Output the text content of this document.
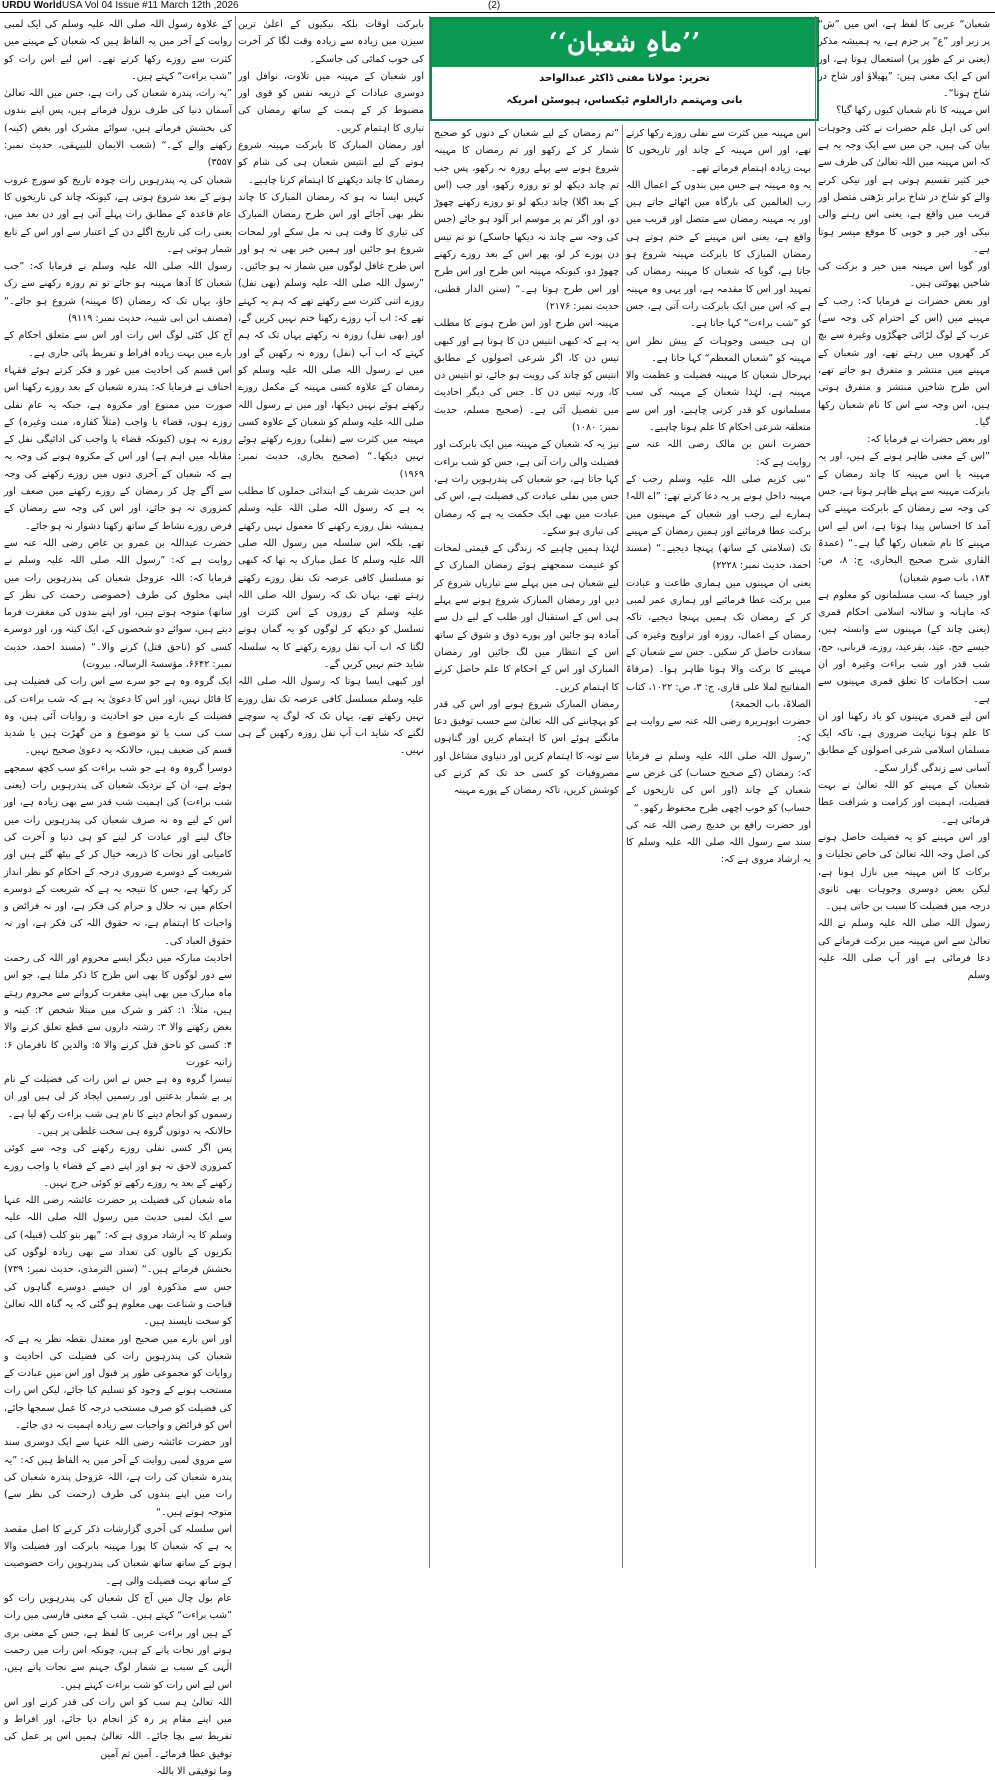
URDU World USA Vol 04 Issue #11 March 12th ,2026	(2)
’’ماہِ شعبان‘‘
تحریر: مولانا مفتی ڈاکٹر عبدالواحد
بانی ومہتمم دارالعلوم ٹیکساس، ہیوسٹن امریکہ

شعبان“ عربی کا لفظ ہے، اس میں ”ش“ پر زبر اور ”ع“ پر جزم ہے، یہ ہمیشہ مذکر (یعنی نر کے طور پر) استعمال ہوتا ہے، اور اس کے ایک معنی ہیں: ”پھیلاؤ اور شاخ در شاخ ہونا“۔

اس مہینہ کا نام شعبان کیوں رکھا گیا؟

اس کی اہل علم حضرات نے کئی وجوہات بیان کی ہیں، جن میں سے ایک وجہ یہ ہے کہ اس مہینہ میں اللہ تعالیٰ کی طرف سے خیر کثیر تقسیم ہوتی ہے اور نیکی کرنے والے کو شاخ در شاخ برابر بڑھتی متصل اور قریب میں واقع ہے، یعنی اس رہنے والی نیکی اور خیر و خوبی کا موقع میسر ہوتا ہے۔

اور گویا اس مہینہ میں خیر و برکت کی شاخیں پھوٹتی ہیں۔

اور بعض حضرات نے فرمایا کہ: رجب کے مہینے میں (اس کے احترام کی وجہ سے) عرب کے لوگ لڑائی جھگڑوں وغیرہ سے بچ کر گھروں میں رہتے تھے، اور شعبان کے مہینے میں منتشر و متفرق ہو جاتے تھے، اس طرح شاخیں منتشر و متفرق ہوتی ہیں، اس وجہ سے اس کا نام شعبان رکھا گیا۔

اور بعض حضرات نے فرمایا کہ:

”اس کے معنی ظاہر ہونے کے ہیں، اور یہ مہینہ یا اس مہینہ کا چاند رمضان کے بابرکت مہینہ سے پہلے ظاہر ہوتا ہے، جس کی وجہ سے رمضان کے بابرکت مہینے کی آمد کا احساس پیدا ہوتا ہے، اس لیے اس مہینے کا نام شعبان رکھا گیا ہے۔“ (عمدۃ القاری شرح صحیح البخاری، ج: ۸، ص: ۱۸۴، باب صوم شعبان)

اور جیسا کہ سب مسلمانوں کو معلوم ہے کہ ماہانہ و سالانہ اسلامی احکام قمری (یعنی چاند کے) مہینوں سے وابستہ ہیں، جیسے حج، عید، بقرعید، روزے، قربانی، حج، شب قدر اور شب براءت وغیرہ اور ان سب احکامات کا تعلق قمری مہینوں سے ہے۔

اس لیے قمری مہینوں کو یاد رکھنا اور ان کا علم ہونا نہایت ضروری ہے، تاکہ ایک مسلمان اسلامی شرعی اصولوں کے مطابق آسانی سے زندگی گزار سکے۔

شعبان کے مہینے کو اللہ تعالیٰ نے بہت فضیلت، اہمیت اور کرامت و شرافت عطا فرمائی ہے۔

اور اس مہینے کو یہ فضیلت حاصل ہونے کی اصل وجہ اللہ تعالیٰ کی خاص تجلیات و برکات کا اس مہینہ میں نازل ہونا ہے، لیکن بعض دوسری وجوہات بھی ثانوی درجہ میں فضیلت کا سبب بن جاتی ہیں۔

رسول اللہ صلی اللہ علیہ وسلم نے اللہ تعالیٰ سے اس مہینہ میں برکت فرمانے کی دعا فرمائی ہے اور آپ صلی اللہ علیہ وسلم

اس مہینہ میں کثرت سے نفلی روزے رکھا کرتے تھے، اور اس مہینہ کے چاند اور تاریخوں کا بہت زیادہ اہتمام فرماتے تھے۔

یہ وہ مہینہ ہے جس میں بندوں کے اعمال اللہ رب العالمین کی بارگاہ میں اٹھائے جاتے ہیں اور یہ مہینہ رمضان سے متصل اور قریب میں واقع ہے، یعنی اس مہینے کے ختم ہوتے ہی رمضان المبارک کا بابرکت مہینہ شروع ہو جاتا ہے، گویا کہ شعبان کا مہینہ رمضان کی تمہید اور اس کا مقدمہ ہے، اور یہی وہ مہینہ ہے کہ اس میں ایک بابرکت رات آتی ہے، جس کو ”شب براءت“ کہا جاتا ہے۔

ان ہی جیسی وجوہات کے پیش نظر اس مہینہ کو ”شعبان المعظم“ کہا جاتا ہے۔

بہرحال شعبان کا مہینہ فضیلت و عظمت والا مہینہ ہے، لہٰذا شعبان کے مہینہ کی سب مسلمانوں کو قدر کرنی چاہیے، اور اس سے متعلقہ شرعی احکام کا علم ہونا چاہیے۔

حضرت انس بن مالک رضی اللہ عنہ سے روایت ہے کہ:

”نبی کریم صلی اللہ علیہ وسلم رجب کے مہینہ داخل ہونے پر یہ دعا کرتے تھے: ”اے اللہ! ہمارے لیے رجب اور شعبان کے مہینوں میں برکت عطا فرمائیے اور ہمیں رمضان کے مہینے تک (سلامتی کے ساتھ) پہنچا دیجیے۔“ (مسند احمد، حدیث نمبر: ۲۲۲۸)

یعنی ان مہینوں میں ہماری طاعت و عبادت میں برکت عطا فرمائیے اور ہماری عمر لمبی کر کے رمضان تک ہمیں پہنچا دیجیے، تاکہ رمضان کے اعمال، روزہ اور تراویح وغیرہ کی سعادت حاصل کر سکیں۔ جس سے شعبان کے مہینے کا برکت والا ہونا ظاہر ہوا۔ (مرقاۃ المفاتیح لملا علی قاری، ج: ۳، ص: ۱۰۲۲، کتاب الصلاۃ، باب الجمعۃ)

حضرت ابوہریرہ رضی اللہ عنہ سے روایت ہے کہ:

”رسول اللہ صلی اللہ علیہ وسلم نے فرمایا کہ: رمضان (کے صحیح حساب) کی غرض سے شعبان کے چاند (اور اس کی تاریخوں کے حساب) کو خوب اچھی طرح محفوظ رکھو۔“

اور حضرت رافع بن خدیج رضی اللہ عنہ کی سند سے رسول اللہ صلی اللہ علیہ وسلم کا یہ ارشاد مروی ہے کہ:

”تم رمضان کے لیے شعبان کے دنوں کو صحیح شمار کر کے رکھو اور تم رمضان کا مہینہ شروع ہونے سے پہلے روزہ نہ رکھو، پس جب تم چاند دیکھ لو تو روزہ رکھو، اور جب (اس کے بعد اگلا) چاند دیکھ لو تو روزے رکھنے چھوڑ دو، اور اگر تم پر موسم ابر آلود ہو جائے (جس کی وجہ سے چاند نہ دیکھا جاسکے) تو تم تیس دن پورے کر لو، پھر اس کے بعد روزے رکھنے چھوڑ دو، کیونکہ مہینہ اس طرح اور اس طرح اور اس طرح ہوتا ہے۔“ (سنن الدار قطنی، حدیث نمبر: ۲۱۷۶)

مہینہ اس طرح اور اس طرح ہونے کا مطلب یہ ہے کہ کبھی انتیس دن کا ہوتا ہے اور کبھی تیس دن کا، اگر شرعی اصولوں کے مطابق انتیس کو چاند کی رویت ہو جائے، تو انتیس دن کا، ورنہ تیس دن کا۔ جس کی دیگر احادیث میں تفصیل آئی ہے۔ (صحیح مسلم، حدیث نمبر: ۱۰۸۰)

نیز یہ کہ شعبان کے مہینہ میں ایک بابرکت اور فضیلت والی رات آتی ہے، جس کو شب براءت کہا جاتا ہے، جو شعبان کی پندرہویں رات ہے، جس میں نفلی عبادت کی فضیلت ہے، اس کی عبادت میں بھی ایک حکمت یہ ہے کہ رمضان کی تیاری ہو سکے۔

لہٰذا ہمیں چاہیے کہ زندگی کے قیمتی لمحات کو غنیمت سمجھتے ہوئے رمضان المبارک کے لیے شعبان ہی میں پہلے سے تیاریاں شروع کر دیں اور رمضان المبارک شروع ہونے سے پہلے ہی اس کے استقبال اور طلب کے لیے دل سے آمادہ ہو جائیں اور پورے ذوق و شوق کے ساتھ اس کے انتظار میں لگ جائیں اور رمضان المبارک اور اس کے احکام کا علم حاصل کرنے کا اہتمام کریں۔

رمضان المبارک شروع ہونے اور اس کی قدر کو پہچاننے کی اللہ تعالیٰ سے حسب توفیق دعا مانگتے ہوئے اس کا اہتمام کریں اور گناہوں سے توبہ کا اہتمام کریں اور دنیاوی مشاغل اور مصروفیات کو کسی حد تک کم کرنے کی کوشش کریں، تاکہ رمضان کے پورے مہینہ

بابرکت اوقات بلکہ نیکیوں کے اعلیٰ ترین سیزن میں زیادہ سے زیادہ وقت لگا کر آخرت کی خوب کمائی کی جاسکے۔

اور شعبان کے مہینہ میں تلاوت، نوافل اور دوسری عبادات کے ذریعہ نفس کو قوی اور مضبوط کر کے ہمت کے ساتھ رمضان کی تیاری کا اہتمام کریں۔

اور رمضان المبارک کا بابرکت مہینہ شروع ہونے کے لیے انتیس شعبان ہی کی شام کو رمضان کا چاند دیکھنے کا اہتمام کرنا چاہیے۔

کہیں ایسا نہ ہو کہ رمضان المبارک کا چاند نظر بھی آجائے اور اس طرح رمضان المبارک کی تیاری کا وقت ہی نہ مل سکے اور لمحات شروع ہو جائیں اور ہمیں خبر بھی نہ ہو اور اس طرح غافل لوگوں میں شمار نہ ہو جائیں۔

”رسول اللہ صلی اللہ علیہ وسلم (بھی نفل) روزے اتنی کثرت سے رکھتے تھے کہ ہم یہ کہتے تھے کہ: اب آپ روزے رکھنا ختم نہیں کریں گے، اور (بھی نفل) روزہ نہ رکھتے یہاں تک کہ ہم کہتے کہ اب آپ (نفل) روزہ نہ رکھیں گے اور میں نے رسول اللہ صلی اللہ علیہ وسلم کو رمضان کے علاوہ کسی مہینہ کے مکمل روزے رکھتے ہوئے نہیں دیکھا، اور میں نے رسول اللہ صلی اللہ علیہ وسلم کو شعبان کے علاوہ کسی مہینہ میں کثرت سے (نفلی) روزے رکھتے ہوئے نہیں دیکھا۔“ (صحیح بخاری، حدیث نمبر: ۱۹۶۹)

اس حدیث شریف کے ابتدائی جملوں کا مطلب یہ ہے کہ رسول اللہ صلی اللہ علیہ وسلم ہمیشہ نفل روزے رکھنے کا معمول نہیں رکھتے تھے، بلکہ اس سلسلہ میں رسول اللہ صلی اللہ علیہ وسلم کا عمل مبارک یہ تھا کہ کبھی تو مسلسل کافی عرصہ تک نفل روزے رکھتے رہتے تھے، یہاں تک کہ رسول اللہ صلی اللہ علیہ وسلم کے روزوں کے اس کثرت اور تسلسل کو دیکھ کر لوگوں کو یہ گمان ہونے لگتا کہ اب آپ نفل روزے رکھنے کا یہ سلسلہ شاید ختم نہیں کریں گے۔

اور کبھی ایسا ہوتا کہ رسول اللہ صلی اللہ علیہ وسلم مسلسل کافی عرصہ تک نفل روزے نہیں رکھتے تھے، یہاں تک کہ لوگ یہ سوچنے لگتے کہ شاید اب آپ نفل روزہ رکھیں گے ہی نہیں۔

کے علاوہ رسول اللہ صلی اللہ علیہ وسلم کی ایک لمبی روایت کے آخر میں یہ الفاظ ہیں کہ شعبان کے مہینے میں کثرت سے روزے رکھا کرتے تھے۔ اس لیے اس رات کو ”شب براءت“ کہتے ہیں۔

”یہ رات، پندرہ شعبان کی رات ہے، جس میں اللہ تعالیٰ آسمان دنیا کی طرف نزول فرماتے ہیں، پس اپنے بندوں کی بخشش فرماتے ہیں، سوائے مشرک اور بغض (کینہ) رکھنے والے کے۔“ (شعب الایمان للبیہقی، حدیث نمبر: ۳۵۵۷)

شعبان کی یہ پندرہویں رات چودہ تاریخ کو سورج غروب ہونے کے بعد شروع ہوتی ہے، کیونکہ چاند کی تاریخوں کا عام قاعدہ کے مطابق رات پہلے آتی ہے اور دن بعد میں، یعنی رات کی تاریخ اگلے دن کے اعتبار سے اور اس کے تابع شمار ہوتی ہے۔

رسول اللہ صلی اللہ علیہ وسلم نے فرمایا کہ: ”جب شعبان کا آدھا مہینہ ہو جائے تو تم روزہ رکھنے سے رک جاؤ، یہاں تک کہ رمضان (کا مہینہ) شروع ہو جائے۔“ (مصنف ابن ابی شیبہ، حدیث نمبر: ۹۱۱۹)

آج کل کئی لوگ اس رات اور اس سے متعلق احکام کے بارے میں بہت زیادہ افراط و تفریط پائی جاری ہے۔

اس قسم کی احادیث میں غور و فکر کرتے ہوئے فقہاء احناف نے فرمایا کہ: پندرہ شعبان کے بعد روزے رکھنا اس صورت میں ممنوع اور مکروہ ہے، جبکہ یہ عام نفلی روزے ہوں، قضاء یا واجب (مثلاً کفارہ، منت وغیرہ) کے روزے نہ ہوں (کیونکہ قضاء یا واجب کی ادائیگی نفل کے مقابلہ میں اہم ہے) اور اس کے مکروہ ہونے کی وجہ یہ ہے کہ شعبان کے آخری دنوں میں روزے رکھنے کی وجہ سے آگے چل کر رمضان کے روزے رکھنے میں ضعف اور کمزوری نہ ہو جائے، اور اس کی وجہ سے رمضان کے فرض روزے نشاط کے ساتھ رکھنا دشوار نہ ہو جائے۔

حضرت عبداللہ بن عمرو بن عاص رضی اللہ عنہ سے روایت ہے کہ: ”رسول اللہ صلی اللہ علیہ وسلم نے فرمایا کہ: اللہ عزوجل شعبان کی پندرہویں رات میں اپنی مخلوق کی طرف (خصوصی رحمت کی نظر کے ساتھ) متوجہ ہوتے ہیں، اور اپنے بندوں کی مغفرت فرما دیتے ہیں، سوائے دو شخصوں کے، ایک کینہ ور، اور دوسرے کسی کو (ناحق قتل) کرنے والا۔“ (مسند احمد، حدیث نمبر: ۶۶۴۲، مؤسسۃ الرسالہ، بیروت)

ایک گروہ وہ ہے جو سرے سے اس رات کی فضیلت ہی کا قائل نہیں، اور اس کا دعویٰ یہ ہے کہ شب براءت کی فضیلت کے بارے میں جو احادیث و روایات آئی ہیں، وہ سب کی سب یا تو موضوع و من گھڑت ہیں یا شدید قسم کی ضعیف ہیں، حالانکہ یہ دعویٰ صحیح نہیں۔

دوسرا گروہ وہ ہے جو شب براءت کو سب کچھ سمجھے ہوئے ہے، ان کے نزدیک شعبان کی پندرہویں رات (یعنی شب براءت) کی اہمیت شب قدر سے بھی زیادہ ہے، اور اس کے لیے وہ نہ صرف شعبان کی پندرہویں رات میں جاگ لینے اور عبادت کر لینے کو ہی دنیا و آخرت کی کامیابی اور نجات کا ذریعہ خیال کر کے بیٹھ گئے ہیں اور شریعت کے دوسرے ضروری درجہ کے احکام کو نظر انداز کر رکھا ہے، جس کا نتیجہ یہ ہے کہ شریعت کے دوسرے احکام میں نہ حلال و حرام کی فکر ہے، اور نہ فرائض و واجبات کا اہتمام ہے، نہ حقوق اللہ کی فکر ہے، اور نہ حقوق العباد کی۔

احادیث مبارکہ میں دیگر ایسے محروم اور اللہ کی رحمت سے دور لوگوں کا بھی اس طرح کا ذکر ملتا ہے، جو اس ماہ مبارک میں بھی اپنی مغفرت کروانے سے محروم رہتے ہیں، مثلاً: ۱: کفر و شرک میں مبتلا شخص ۲: کینہ و بغض رکھنے والا ۳: رشتہ داروں سے قطع تعلق کرنے والا ۴: کسی کو ناحق قتل کرنے والا ۵: والدین کا نافرمان ۶: زانیہ عورت

تیسرا گروہ وہ ہے جس نے اس رات کی فضیلت کے نام پر بے شمار بدعتیں اور رسمیں ایجاد کر لی ہیں اور ان رسموں کو انجام دینے کا نام ہی شب براءت رکھ لیا ہے۔

حالانکہ یہ دونوں گروہ ہی سخت غلطی پر ہیں۔

پس اگر کسی نفلی روزے رکھنے کی وجہ سے کوئی کمزوری لاحق نہ ہو اور اپنے ذمے کے قضاء یا واجب روزے رکھنے کے بعد یہ روزے رکھے تو کوئی حرج نہیں۔

ماہ شعبان کی فضیلت پر حضرت عائشہ رضی اللہ عنہا سے ایک لمبی حدیث میں رسول اللہ صلی اللہ علیہ وسلم کا یہ ارشاد مروی ہے کہ: ”پھر بنو کلب (قبیلہ) کی بکریوں کے بالوں کی تعداد سے بھی زیادہ لوگوں کی بخشش فرماتے ہیں۔“ (سنن الترمذی، حدیث نمبر: ۷۳۹) جس سے مذکورہ اور ان جیسے دوسرے گناہوں کی قباحت و شناعت بھی معلوم ہو گئی کہ یہ گناہ اللہ تعالیٰ کو سخت ناپسند ہیں۔

اور اس بارے میں صحیح اور معتدل نقطہ نظر یہ ہے کہ شعبان کی پندرہویں رات کی فضیلت کی احادیث و روایات کو مجموعی طور پر قبول اور اس میں عبادت کے مستحب ہونے کے وجود کو تسلیم کیا جائے، لیکن اس رات کی فضیلت کو صرف مستحب درجہ کا عمل سمجھا جائے، اس کو فرائض و واجبات سے زیادہ اہمیت نہ دی جائے۔

اور حضرت عائشہ رضی اللہ عنہا سے ایک دوسری سند سے مروی لمبی روایت کے آخر میں یہ الفاظ ہیں کہ: ”یہ پندرہ شعبان کی رات ہے، اللہ عزوجل پندرہ شعبان کی رات میں اپنے بندوں کی طرف (رحمت کی نظر سے) متوجہ ہوتے ہیں۔“

اس سلسلہ کی آخری گزارشات ذکر کرنے کا اصل مقصد یہ ہے کہ شعبان کا پورا مہینہ بابرکت اور فضیلت والا ہونے کے ساتھ ساتھ شعبان کی پندرہویں رات خصوصیت کے ساتھ بہت فضیلت والی ہے۔

عام بول چال میں آج کل شعبان کی پندرہویں رات کو ”شب براءت“ کہتے ہیں۔ شب کے معنی فارسی میں رات کے ہیں اور براءت عربی کا لفظ ہے، جس کے معنی بری ہونے اور نجات پانے کے ہیں، چونکہ اس رات میں رحمت الٰہی کے سبب بے شمار لوگ جہنم سے نجات پاتے ہیں، اس لیے اس رات کو شب براءت کہتے ہیں۔

اللہ تعالیٰ ہم سب کو اس رات کی قدر کرنے اور اس میں اپنے مقام پر رہ کر انجام دیا جائے، اور افراط و تفریط سے بچا جائے۔ اللہ تعالیٰ ہمیں اس پر عمل کی توفیق عطا فرمائے۔ آمین ثم آمین

وما توفیقی الا باللہ
